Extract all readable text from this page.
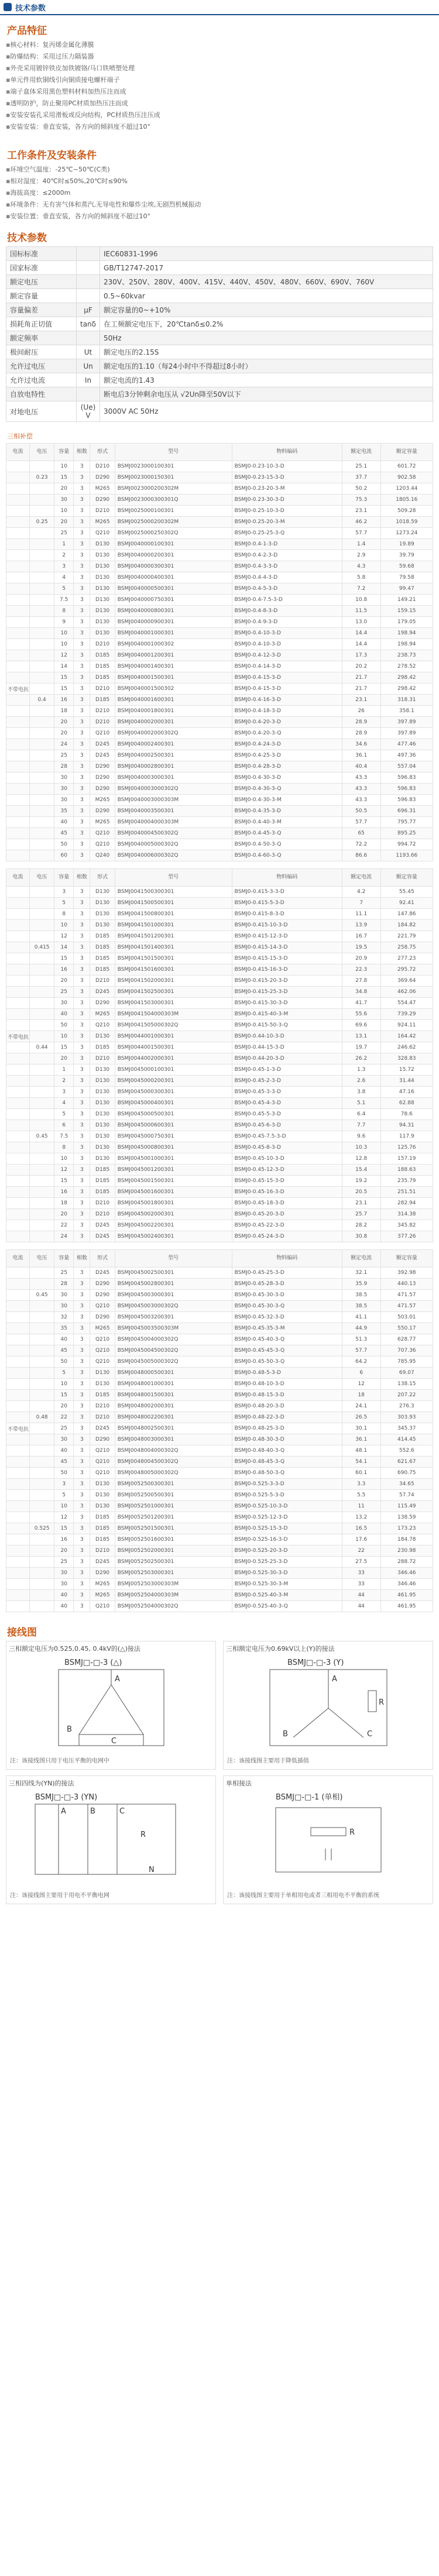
技术参数
产品特征
▪ 核心材料：复丙烯金属化薄膜
▪ 防爆结构：采用过压力隔装器
▪ 外壳采用镀锌铁皮加铁镀铬/马口铁喷塑处理
▪ 单元件用软铜线引向铜质接电螺杆端子
▪ 端子盒体采用黑色塑料材料加热压注而成
▪ 透明防护，防止聚用PC材质加热压注而成
▪ 安装安装孔采用滑板或反向结构，PC材质热压注压成
▪ 安装安装：垂直安装，各方向的倾斜度不超过10°
工作条件及安装条件
▪ 环境空气温度：-25℃~50℃(C类)
▪ 相对湿度：40℃时≤50%,20℃时≤90%
▪ 海拔高度：≤2000m
▪ 环境条件：无有害气体和蒸汽,无导电性和爆炸尘埃,无剧烈机械振动
▪ 安装位置：垂直安装，各方向的倾斜度不超过10°
技术参数
国标标准		IEC60831-1996
国家标准		GB/T12747-2017
额定电压		230V、250V、280V、400V、415V、440V、450V、480V、660V、690V、760V
额定容量		0.5~60kvar
容量偏差	μF	额定容量的0~+10%
损耗角正切值	tanδ	在工频额定电压下，20℃tanδ≤0.2%
额定频率		50Hz
极间耐压	Ut	额定电压的2.15S
允许过电压	Un	额定电压的1.10（每24小时中不得超过8小时）
允许过电流	In	额定电流的1.43
自放电特性		断电后3分钟剩余电压从 √2Un降至50V以下
对地电压	(Ue) V	3000V AC 50Hz
三相补偿
电流	电压	容量	相数	形式	型号	物料编码	额定电流	额定容量
		10	3	D210	BSMJ0023000100301	BSMJ0-0.23-10-3-D	25.1	601.72
	0.23	15	3	D290	BSMJ0023000150301	BSMJ0-0.23-15-3-D	37.7	902.58
		20	3	M265	BSMJ0023000200302M	BSMJ0-0.23-20-3-M	50.2	1203.44
		30	3	D290	BSMJ0023000300301Q	BSMJ0-0.23-30-3-D	75.3	1805.16
		10	3	D210	BSMJ0025000100301	BSMJ0-0.25-10-3-D	23.1	509.28
	0.25	20	3	M265	BSMJ0025000200302M	BSMJ0-0.25-20-3-M	46.2	1018.59
		25	3	Q210	BSMJ0025000250302Q	BSMJ0-0.25-25-3-Q	57.7	1273.24
		1	3	D130	BSMJ0040000100301	BSMJ0-0.4-1-3-D	1.4	19.89
		2	3	D130	BSMJ0040000200301	BSMJ0-0.4-2-3-D	2.9	39.79
		3	3	D130	BSMJ0040000300301	BSMJ0-0.4-3-3-D	4.3	59.68
		4	3	D130	BSMJ0040000400301	BSMJ0-0.4-4-3-D	5.8	79.58
		5	3	D130	BSMJ0040000500301	BSMJ0-0.4-5-3-D	7.2	99.47
		7.5	3	D130	BSMJ0040000750301	BSMJ0-0.4-7.5-3-D	10.8	149.21
		8	3	D130	BSMJ0040000800301	BSMJ0-0.4-8-3-D	11.5	159.15
		9	3	D130	BSMJ0040000900301	BSMJ0-0.4-9-3-D	13.0	179.05
		10	3	D130	BSMJ0040001000301	BSMJ0-0.4-10-3-D	14.4	198.94
		10	3	D210	BSMJ0040001000302	BSMJ0-0.4-10-3-D	14.4	198.94
		12	3	D185	BSMJ0040001200301	BSMJ0-0.4-12-3-D	17.3	238.73
		14	3	D185	BSMJ0040001400301	BSMJ0-0.4-14-3-D	20.2	278.52
		15	3	D185	BSMJ0040001500301	BSMJ0-0.4-15-3-D	21.7	298.42
不带电抗		15	3	D210	BSMJ0040001500302	BSMJ0-0.4-15-3-D	21.7	298.42
	0.4	16	3	D185	BSMJ0040001600301	BSMJ0-0.4-16-3-D	23.1	318.31
		18	3	D210	BSMJ0040001800301	BSMJ0-0.4-18-3-D	26	358.1
		20	3	D210	BSMJ0040002000301	BSMJ0-0.4-20-3-D	28.9	397.89
		20	3	Q210	BSMJ0040002000302Q	BSMJ0-0.4-20-3-Q	28.9	397.89
		24	3	D245	BSMJ0040002400301	BSMJ0-0.4-24-3-D	34.6	477.46
		25	3	D245	BSMJ0040002500301	BSMJ0-0.4-25-3-D	36.1	497.36
		28	3	D290	BSMJ0040002800301	BSMJ0-0.4-28-3-D	40.4	557.04
		30	3	D290	BSMJ0040003000301	BSMJ0-0.4-30-3-D	43.3	596.83
		30	3	D290	BSMJ0040003000302Q	BSMJ0-0.4-30-3-Q	43.3	596.83
		30	3	M265	BSMJ0040003000303M	BSMJ0-0.4-30-3-M	43.3	596.83
		35	3	D290	BSMJ0040003500301	BSMJ0-0.4-35-3-D	50.5	696.31
		40	3	M265	BSMJ0040004000303M	BSMJ0-0.4-40-3-M	57.7	795.77
		45	3	Q210	BSMJ0040004500302Q	BSMJ0-0.4-45-3-Q	65	895.25
		50	3	Q210	BSMJ0040005000302Q	BSMJ0-0.4-50-3-Q	72.2	994.72
		60	3	Q240	BSMJ0040006000302Q	BSMJ0-0.4-60-3-Q	86.6	1193.66
电流	电压	容量	相数	形式	型号	物料编码	额定电流	额定容量
		3	3	D130	BSMJ0041500300301	BSMJ0-0.415-3-3-D	4.2	55.45
		5	3	D130	BSMJ0041500500301	BSMJ0-0.415-5-3-D	7	92.41
		8	3	D130	BSMJ0041500800301	BSMJ0-0.415-8-3-D	11.1	147.86
		10	3	D130	BSMJ0041501000301	BSMJ0-0.415-10-3-D	13.9	184.82
		12	3	D185	BSMJ0041501200301	BSMJ0-0.415-12-3-D	16.7	221.79
	0.415	14	3	D185	BSMJ0041501400301	BSMJ0-0.415-14-3-D	19.5	258.75
		15	3	D185	BSMJ0041501500301	BSMJ0-0.415-15-3-D	20.9	277.23
		16	3	D185	BSMJ0041501600301	BSMJ0-0.415-16-3-D	22.3	295.72
		20	3	D210	BSMJ0041502000301	BSMJ0-0.415-20-3-D	27.8	369.64
		25	3	D245	BSMJ0041502500301	BSMJ0-0.415-25-3-D	34.8	462.06
		30	3	D290	BSMJ0041503000301	BSMJ0-0.415-30-3-D	41.7	554.47
		40	3	M265	BSMJ0041504000303M	BSMJ0-0.415-40-3-M	55.6	739.29
		50	3	Q210	BSMJ0041505000302Q	BSMJ0-0.415-50-3-Q	69.6	924.11
不带电抗		10	3	D130	BSMJ0044001000301	BSMJ0-0.44-10-3-D	13.1	164.42
	0.44	15	3	D185	BSMJ0044001500301	BSMJ0-0.44-15-3-D	19.7	246.62
		20	3	D210	BSMJ0044002000301	BSMJ0-0.44-20-3-D	26.2	328.83
		1	3	D130	BSMJ0045000100301	BSMJ0-0.45-1-3-D	1.3	15.72
		2	3	D130	BSMJ0045000200301	BSMJ0-0.45-2-3-D	2.6	31.44
		3	3	D130	BSMJ0045000300301	BSMJ0-0.45-3-3-D	3.8	47.16
		4	3	D130	BSMJ0045000400301	BSMJ0-0.45-4-3-D	5.1	62.88
		5	3	D130	BSMJ0045000500301	BSMJ0-0.45-5-3-D	6.4	78.6
		6	3	D130	BSMJ0045000600301	BSMJ0-0.45-6-3-D	7.7	94.31
	0.45	7.5	3	D130	BSMJ0045000750301	BSMJ0-0.45-7.5-3-D	9.6	117.9
		8	3	D130	BSMJ0045000800301	BSMJ0-0.45-8-3-D	10.3	125.76
		10	3	D130	BSMJ0045001000301	BSMJ0-0.45-10-3-D	12.8	157.19
		12	3	D185	BSMJ0045001200301	BSMJ0-0.45-12-3-D	15.4	188.63
		15	3	D185	BSMJ0045001500301	BSMJ0-0.45-15-3-D	19.2	235.79
		16	3	D185	BSMJ0045001600301	BSMJ0-0.45-16-3-D	20.5	251.51
		18	3	D210	BSMJ0045001800301	BSMJ0-0.45-18-3-D	23.1	282.94
		20	3	D210	BSMJ0045002000301	BSMJ0-0.45-20-3-D	25.7	314.38
		22	3	D245	BSMJ0045002200301	BSMJ0-0.45-22-3-D	28.2	345.82
		24	3	D245	BSMJ0045002400301	BSMJ0-0.45-24-3-D	30.8	377.26
电流	电压	容量	相数	形式	型号	物料编码	额定电流	额定容量
		25	3	D245	BSMJ0045002500301	BSMJ0-0.45-25-3-D	32.1	392.98
		28	3	D290	BSMJ0045002800301	BSMJ0-0.45-28-3-D	35.9	440.13
	0.45	30	3	D290	BSMJ0045003000301	BSMJ0-0.45-30-3-D	38.5	471.57
		30	3	Q210	BSMJ0045003000302Q	BSMJ0-0.45-30-3-Q	38.5	471.57
		32	3	D290	BSMJ0045003200301	BSMJ0-0.45-32-3-D	41.1	503.01
		35	3	M265	BSMJ0045003500303M	BSMJ0-0.45-35-3-M	44.9	550.17
		40	3	Q210	BSMJ0045004000302Q	BSMJ0-0.45-40-3-Q	51.3	628.77
		45	3	Q210	BSMJ0045004500302Q	BSMJ0-0.45-45-3-Q	57.7	707.36
		50	3	Q210	BSMJ0045005000302Q	BSMJ0-0.45-50-3-Q	64.2	785.95
		5	3	D130	BSMJ0048000500301	BSMJ0-0.48-5-3-D	6	69.07
		10	3	D130	BSMJ0048001000301	BSMJ0-0.48-10-3-D	12	138.15
		15	3	D185	BSMJ0048001500301	BSMJ0-0.48-15-3-D	18	207.22
		20	3	D210	BSMJ0048002000301	BSMJ0-0.48-20-3-D	24.1	276.3
	0.48	22	3	D210	BSMJ0048002200301	BSMJ0-0.48-22-3-D	26.5	303.93
不带电抗		25	3	D245	BSMJ0048002500301	BSMJ0-0.48-25-3-D	30.1	345.37
		30	3	D290	BSMJ0048003000301	BSMJ0-0.48-30-3-D	36.1	414.45
		40	3	Q210	BSMJ0048004000302Q	BSMJ0-0.48-40-3-Q	48.1	552.6
		45	3	Q210	BSMJ0048004500302Q	BSMJ0-0.48-45-3-Q	54.1	621.67
		50	3	Q210	BSMJ0048005000302Q	BSMJ0-0.48-50-3-Q	60.1	690.75
		3	3	D130	BSMJ0052500300301	BSMJ0-0.525-3-3-D	3.3	34.65
		5	3	D130	BSMJ0052500500301	BSMJ0-0.525-5-3-D	5.5	57.74
		10	3	D130	BSMJ0052501000301	BSMJ0-0.525-10-3-D	11	115.49
		12	3	D185	BSMJ0052501200301	BSMJ0-0.525-12-3-D	13.2	138.59
	0.525	15	3	D185	BSMJ0052501500301	BSMJ0-0.525-15-3-D	16.5	173.23
		16	3	D185	BSMJ0052501600301	BSMJ0-0.525-16-3-D	17.6	184.78
		20	3	D210	BSMJ0052502000301	BSMJ0-0.525-20-3-D	22	230.98
		25	3	D245	BSMJ0052502500301	BSMJ0-0.525-25-3-D	27.5	288.72
		30	3	D290	BSMJ0052503000301	BSMJ0-0.525-30-3-D	33	346.46
		30	3	M265	BSMJ0052503000303M	BSMJ0-0.525-30-3-M	33	346.46
		40	3	M265	BSMJ0052504000303M	BSMJ0-0.525-40-3-M	44	461.95
		40	3	Q210	BSMJ0052504000302Q	BSMJ0-0.525-40-3-Q	44	461.95
接线图
三相额定电压为0.525,0.45, 0.4kV的(△)接法
BSMJ□-□-3 (△)
A
B
C
注：该接线图只用于电压平衡的电网中
三相额定电压为0.69kV以上(Y)的接法
BSMJ□-□-3 (Y)
R
A
B	C
注：该接线图主要用于降低插值
三相四线为(YN)的接法
BSMJ□-□-3 (YN)
A	B	C
N
R
注：该接线图主要用于用电不平衡电网
单相接法
BSMJ□-□-1 (单相)
R
注：该接线图主要用于单相用电或者三相用电不平衡的系统
